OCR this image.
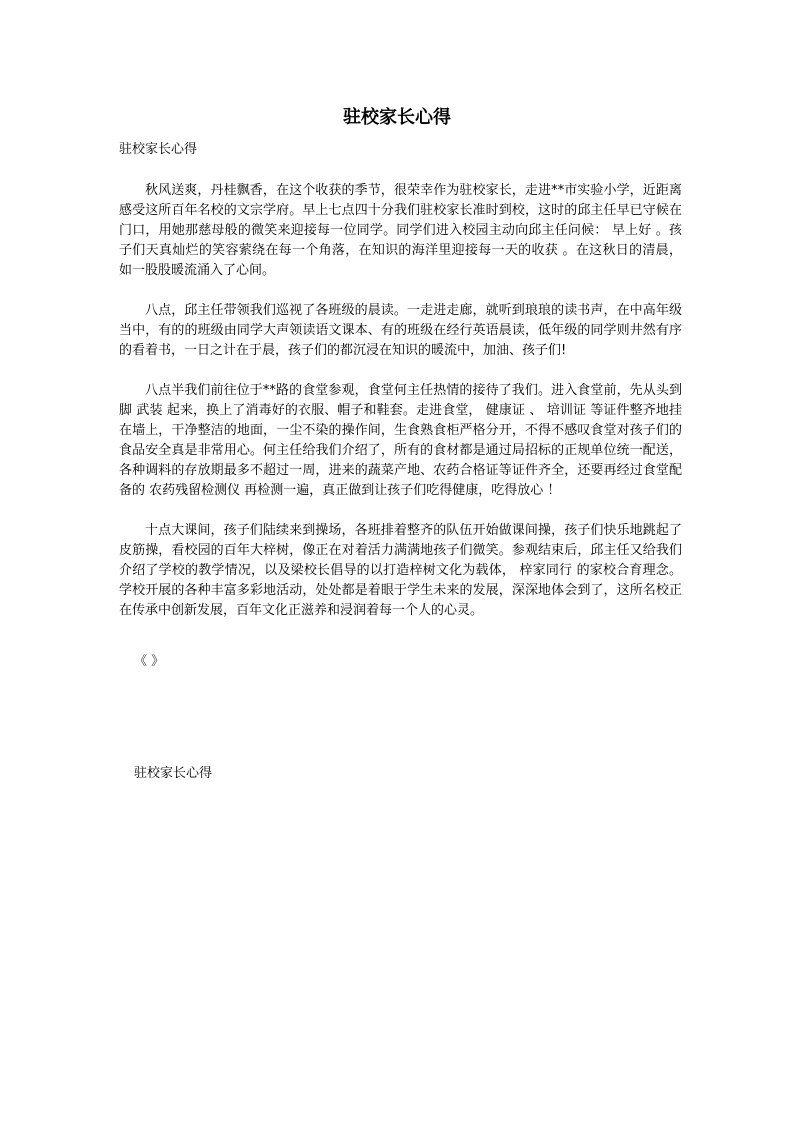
驻校家长心得

驻校家长心得

秋风送爽，丹桂飘香，在这个收获的季节，很荣幸作为驻校家长，走进**市实验小学，近距离感受这所百年名校的文宗学府。早上七点四十分我们驻校家长准时到校，这时的邱主任早已守候在门口，用她那慈母般的微笑来迎接每一位同学。同学们进入校园主动向邱主任问候： 早上好 。孩子们天真灿烂的笑容萦绕在每一个角落，在知识的海洋里迎接每一天的收获 。在这秋日的清晨，如一股股暖流涌入了心间。

八点，邱主任带领我们巡视了各班级的晨读。一走进走廊，就听到琅琅的读书声，在中高年级当中，有的的班级由同学大声领读语文课本、有的班级在经行英语晨读，低年级的同学则井然有序的看着书，一日之计在于晨，孩子们的都沉浸在知识的暖流中，加油、孩子们!

八点半我们前往位于**路的食堂参观，食堂何主任热情的接待了我们。进入食堂前，先从头到脚 武装 起来，换上了消毒好的衣服、帽子和鞋套。走进食堂， 健康证 、 培训证 等证件整齐地挂在墙上，干净整洁的地面，一尘不染的操作间，生食熟食柜严格分开，不得不感叹食堂对孩子们的食品安全真是非常用心。何主任给我们介绍了，所有的食材都是通过局招标的正规单位统一配送，各种调料的存放期最多不超过一周，进来的蔬菜产地、农药合格证等证件齐全，还要再经过食堂配备的 农药残留检测仪 再检测一遍，真正做到让孩子们吃得健康，吃得放心 ！

十点大课间，孩子们陆续来到操场，各班排着整齐的队伍开始做课间操，孩子们快乐地跳起了皮筋操，看校园的百年大梓树，像正在对着活力满满地孩子们微笑。参观结束后，邱主任又给我们介绍了学校的教学情况，以及梁校长倡导的以打造梓树文化为载体， 梓家同行 的家校合育理念。学校开展的各种丰富多彩地活动，处处都是着眼于学生未来的发展，深深地体会到了，这所名校正在传承中创新发展，百年文化正滋养和浸润着每一个人的心灵。

《 》

驻校家长心得
